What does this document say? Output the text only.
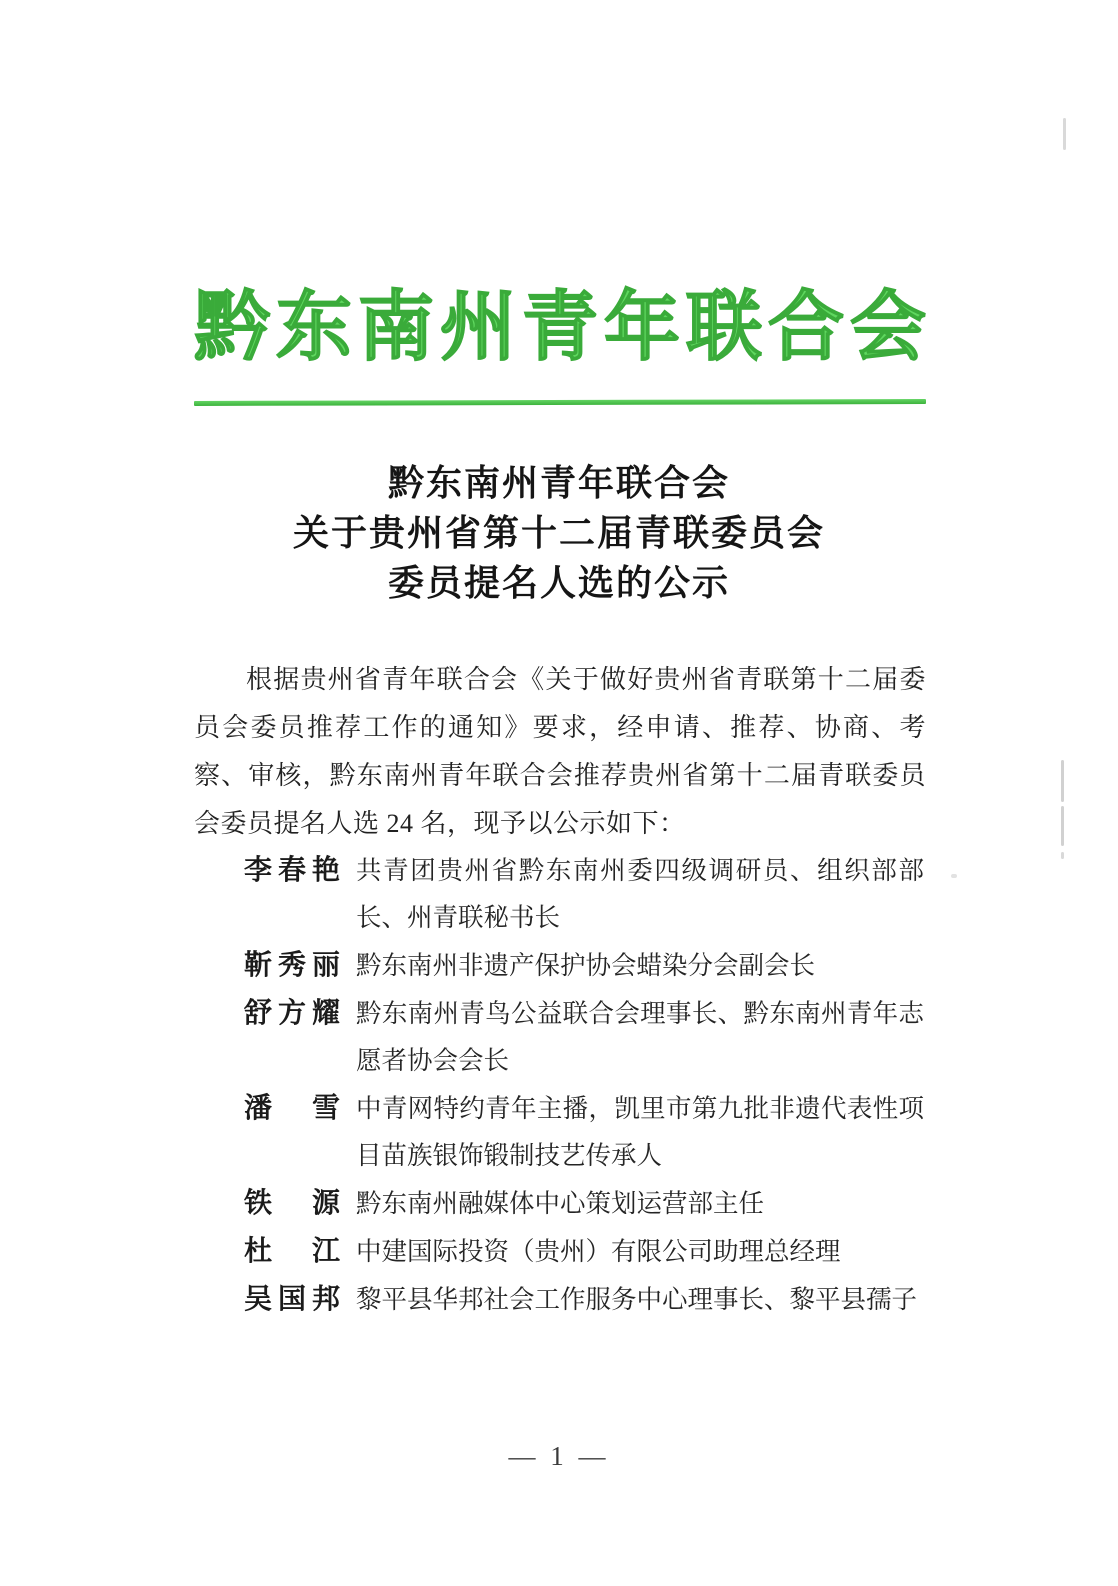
黔东南州青年联合会
黔东南州青年联合会
关于贵州省第十二届青联委员会
委员提名人选的公示

根据贵州省青年联合会《关于做好贵州省青联第十二届委员会委员推荐工作的通知》要求，经申请、推荐、协商、考察、审核，黔东南州青年联合会推荐贵州省第十二届青联委员会委员提名人选 24 名，现予以公示如下：

李春艳 共青团贵州省黔东南州委四级调研员、组织部部长、州青联秘书长
靳秀丽 黔东南州非遗产保护协会蜡染分会副会长
舒方耀 黔东南州青鸟公益联合会理事长、黔东南州青年志愿者协会会长
潘　雪 中青网特约青年主播，凯里市第九批非遗代表性项目苗族银饰锻制技艺传承人
铁　源 黔东南州融媒体中心策划运营部主任
杜　江 中建国际投资（贵州）有限公司助理总经理
吴国邦 黎平县华邦社会工作服务中心理事长、黎平县孺子
— 1 —
